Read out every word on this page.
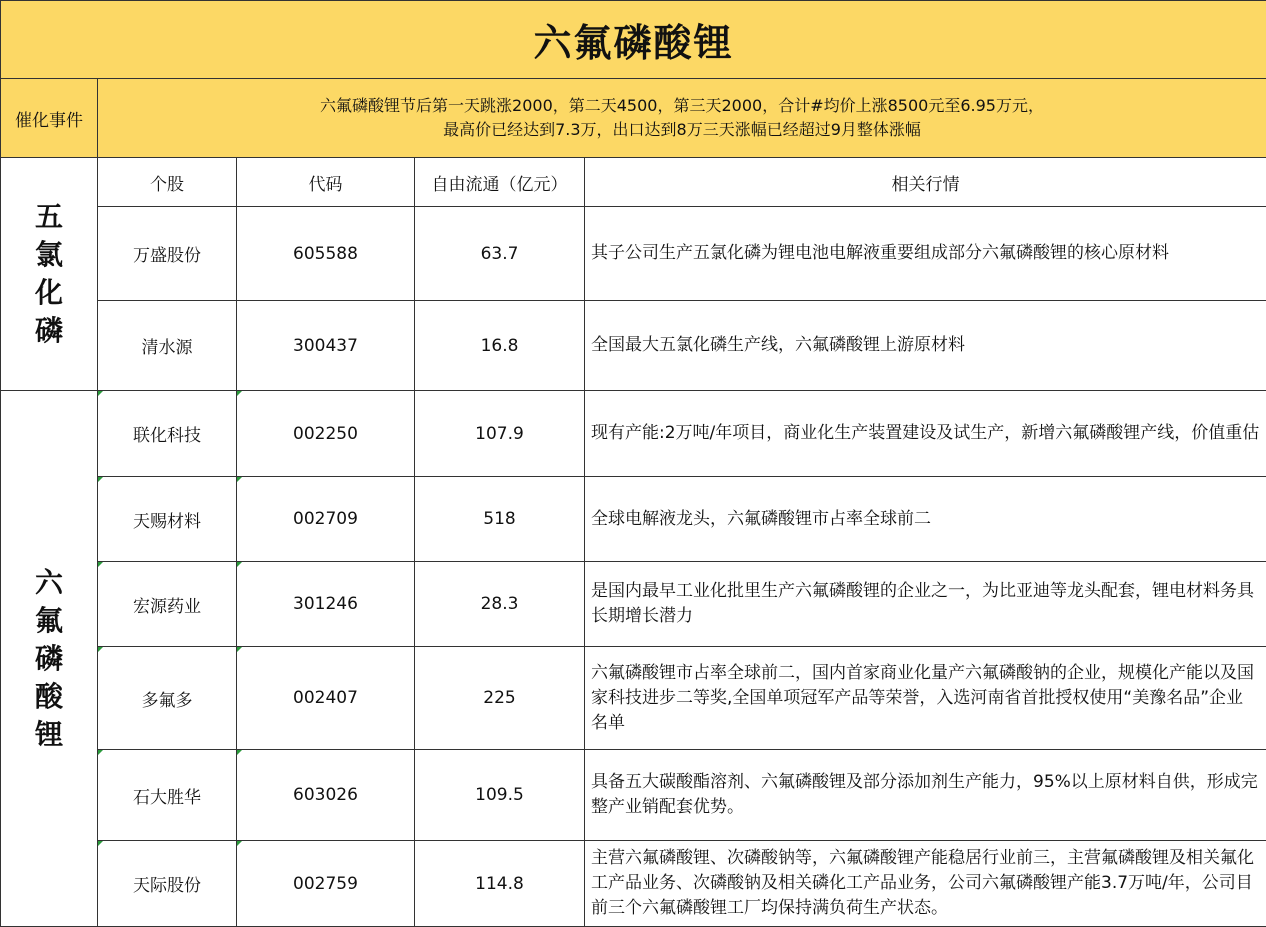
六氟磷酸锂				
催化事件	六氟磷酸锂节后第一天跳涨2000，第二天4500，第三天2000，合计#均价上涨8500元至6.95万元，
最高价已经达到7.3万，出口达到8万三天涨幅已经超过9月整体涨幅			

五氯化磷	个股	代码	自由流通（亿元）	相关行情
	万盛股份	605588	63.7	其子公司生产五氯化磷为锂电池电解液重要组成部分六氟磷酸锂的核心原材料
	清水源	300437	16.8	全国最大五氯化磷生产线，六氟磷酸锂上游原材料
六氟磷酸锂	联化科技	002250	107.9	现有产能:2万吨/年项目，商业化生产装置建设及试生产，新增六氟磷酸锂产线，价值重估
	天赐材料	002709	518	全球电解液龙头，六氟磷酸锂市占率全球前二
	宏源药业	301246	28.3	是国内最早工业化批里生产六氟磷酸锂的企业之一，为比亚迪等龙头配套，锂电材料务具长期增长潜力
	多氟多	002407	225	六氟磷酸锂市占率全球前二，国内首家商业化量产六氟磷酸钠的企业，规模化产能以及国家科技进步二等奖,全国单项冠军产品等荣誉，入选河南省首批授权使用“美豫名品”企业名单
	石大胜华	603026	109.5	具备五大碳酸酯溶剂、六氟磷酸锂及部分添加剂生产能力，95%以上原材料自供，形成完整产业销配套优势。
	天际股份	002759	114.8	主营六氟磷酸锂、次磷酸钠等，六氟磷酸锂产能稳居行业前三，主营氟磷酸锂及相关氟化工产品业务、次磷酸钠及相关磷化工产品业务，公司六氟磷酸锂产能3.7万吨/年，公司目前三个六氟磷酸锂工厂均保持满负荷生产状态。
